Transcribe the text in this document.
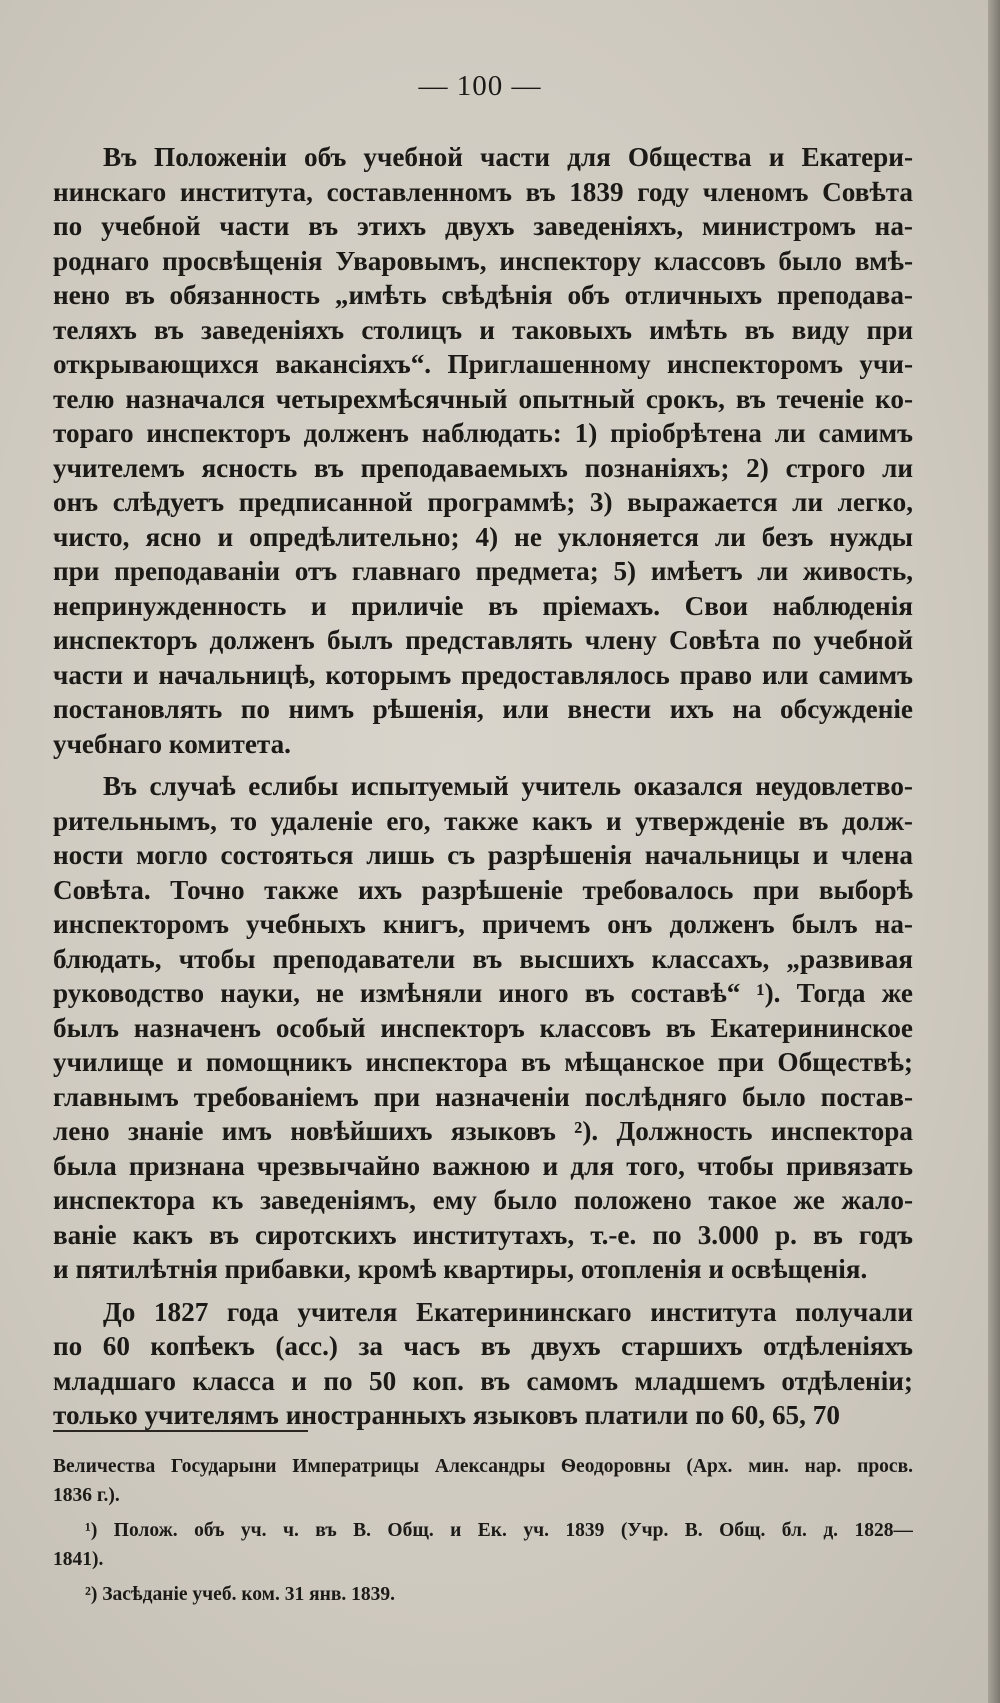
— 100 —
Въ Положеніи объ учебной части для Общества и Екатери-
нинскаго института, составленномъ въ 1839 году членомъ Совѣта
по учебной части въ этихъ двухъ заведеніяхъ, министромъ на-
роднаго просвѣщенія Уваровымъ, инспектору классовъ было вмѣ-
нено въ обязанность „имѣть свѣдѣнія объ отличныхъ преподава-
теляхъ въ заведеніяхъ столицъ и таковыхъ имѣть въ виду при
открывающихся вакансіяхъ“. Приглашенному инспекторомъ учи-
телю назначался четырехмѣсячный опытный срокъ, въ теченіе ко-
тораго инспекторъ долженъ наблюдать: 1) пріобрѣтена ли самимъ
учителемъ ясность въ преподаваемыхъ познаніяхъ; 2) строго ли
онъ слѣдуетъ предписанной программѣ; 3) выражается ли легко,
чисто, ясно и опредѣлительно; 4) не уклоняется ли безъ нужды
при преподаваніи отъ главнаго предмета; 5) имѣетъ ли живость,
непринужденность и приличіе въ пріемахъ. Свои наблюденія
инспекторъ долженъ былъ представлять члену Совѣта по учебной
части и начальницѣ, которымъ предоставлялось право или самимъ
постановлять по нимъ рѣшенія, или внести ихъ на обсужденіе
учебнаго комитета.
Въ случаѣ еслибы испытуемый учитель оказался неудовлетво-
рительнымъ, то удаленіе его, также какъ и утвержденіе въ долж-
ности могло состояться лишь съ разрѣшенія начальницы и члена
Совѣта. Точно также ихъ разрѣшеніе требовалось при выборѣ
инспекторомъ учебныхъ книгъ, причемъ онъ долженъ былъ на-
блюдать, чтобы преподаватели въ высшихъ классахъ, „развивая
руководство науки, не измѣняли иного въ составѣ“ ¹). Тогда же
былъ назначенъ особый инспекторъ классовъ въ Екатерининское
училище и помощникъ инспектора въ мѣщанское при Обществѣ;
главнымъ требованіемъ при назначеніи послѣдняго было постав-
лено знаніе имъ новѣйшихъ языковъ ²). Должность инспектора
была признана чрезвычайно важною и для того, чтобы привязать
инспектора къ заведеніямъ, ему было положено такое же жало-
ваніе какъ въ сиротскихъ институтахъ, т.-е. по 3.000 р. въ годъ
и пятилѣтнія прибавки, кромѣ квартиры, отопленія и освѣщенія.
До 1827 года учителя Екатерининскаго института получали
по 60 копѣекъ (асс.) за часъ въ двухъ старшихъ отдѣленіяхъ
младшаго класса и по 50 коп. въ самомъ младшемъ отдѣленіи;
только учителямъ иностранныхъ языковъ платили по 60, 65, 70
Величества Государыни Императрицы Александры Ѳеодоровны (Арх. мин. нар. просв.
1836 г.).
¹) Полож. объ уч. ч. въ В. Общ. и Ек. уч. 1839 (Учр. В. Общ. бл. д. 1828—
1841).
²) Засѣданіе учеб. ком. 31 янв. 1839.
